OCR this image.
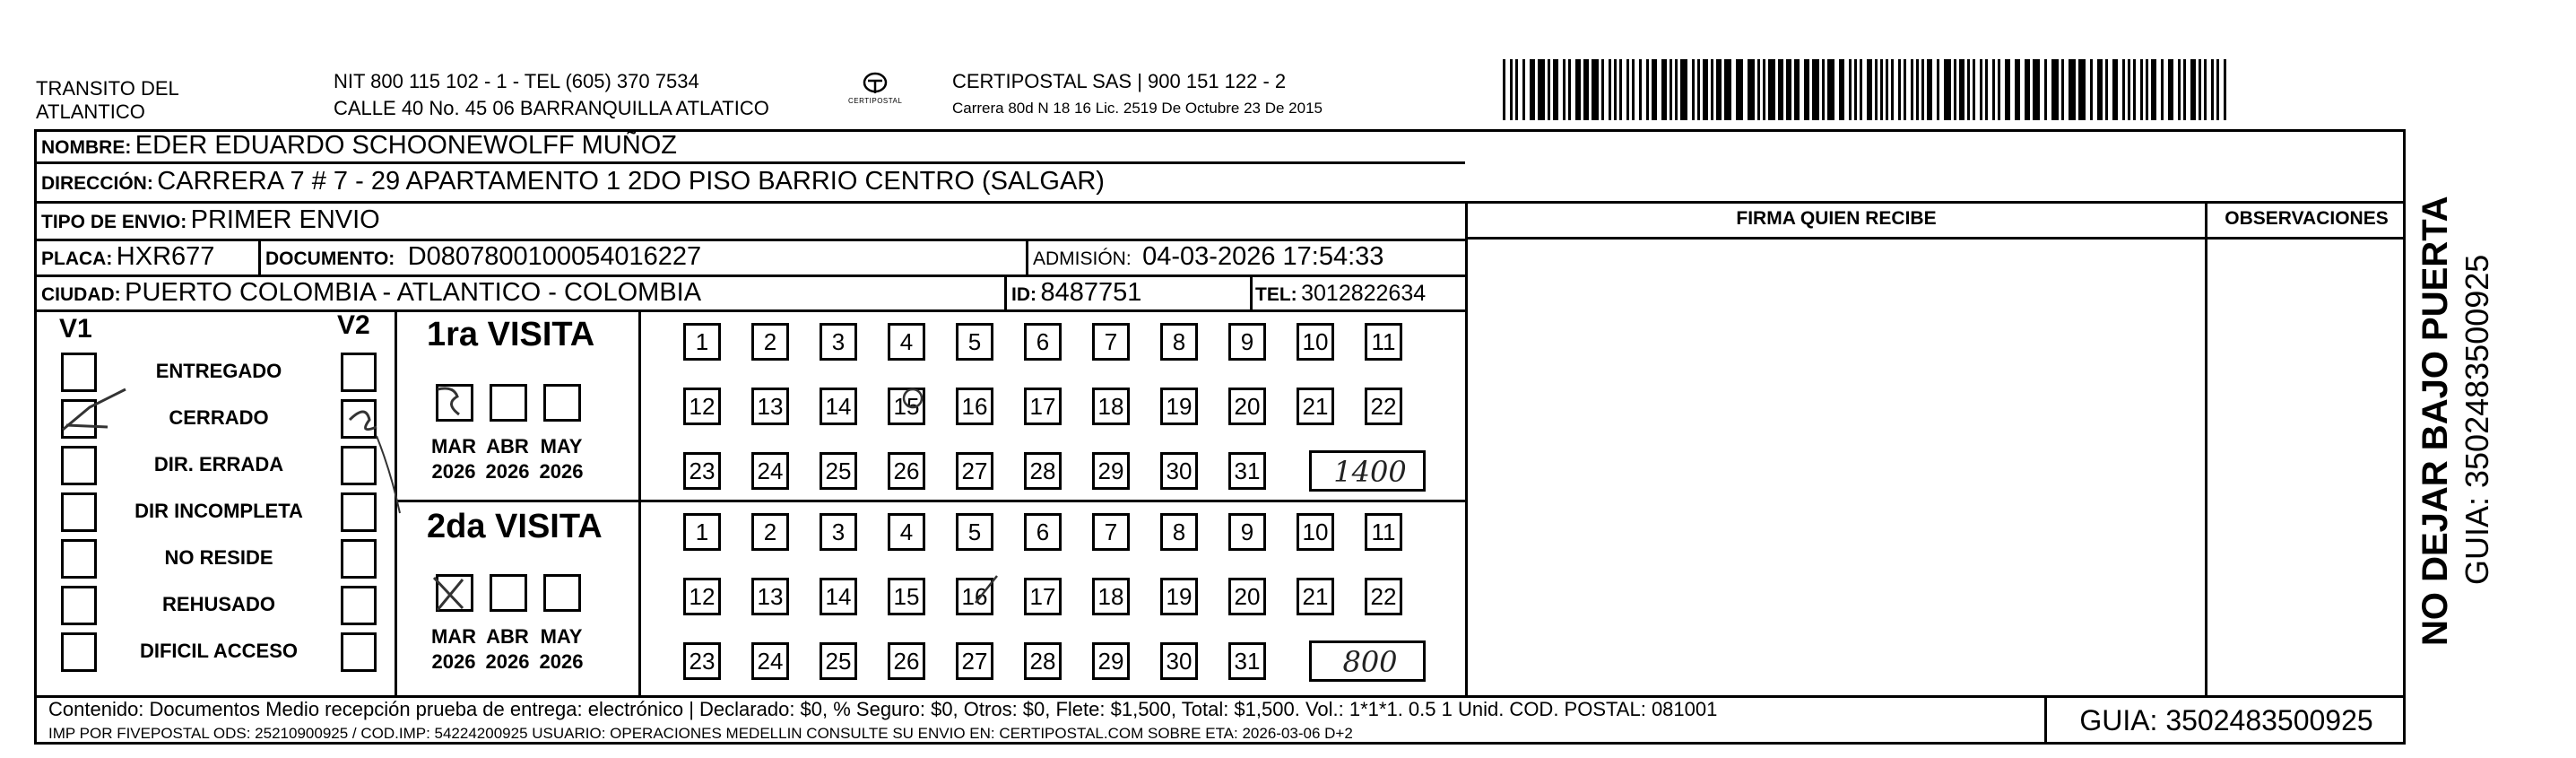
TRANSITO DEL
ATLANTICO
NIT 800 115 102 - 1 - TEL (605) 370 7534
CALLE 40 No. 45 06 BARRANQUILLA ATLATICO	CERTIPOSTAL
CERTIPOSTAL SAS | 900 151 122 - 2
Carrera 80d N 18 16 Lic. 2519 De Octubre 23 De 2015
NOMBRE: EDER EDUARDO SCHOONEWOLFF MUÑOZ
DIRECCIÓN: CARRERA 7 # 7 - 29 APARTAMENTO 1 2DO PISO BARRIO CENTRO (SALGAR)
TIPO DE ENVIO: PRIMER ENVIO	FIRMA QUIEN RECIBE	OBSERVACIONES
PLACA: HXR677	DOCUMENTO: D0807800100054016227	ADMISIÓN: 04-03-2026 17:54:33
CIUDAD: PUERTO COLOMBIA - ATLANTICO - COLOMBIA	ID: 8487751	TEL: 3012822634
V1	V2
ENTREGADO
CERRADO
DIR. ERRADA
DIR INCOMPLETA
NO RESIDE
REHUSADO
DIFICIL ACCESO
1ra VISITA
2da VISITA
MAR
2026
ABR
2026
MAY
2026
1	2	3	4	5	6	7	8	9	10 11
12 13 14 15 16 17 18 19 20 21 22
23 24 25 26 27 28 29 30 31	1400
MAR
2026
ABR
2026
MAY
2026
1	2	3	4	5	6	7	8	9	10 11
12 13 14 15 16 17 18 19 20 21 22
23 24 25 26 27 28 29 30 31	800
Contenido: Documentos Medio recepción prueba de entrega: electrónico | Declarado: $0, % Seguro: $0, Otros: $0, Flete: $1,500, Total: $1,500. Vol.: 1*1*1. 0.5 1 Unid. COD. POSTAL: 081001
IMP POR FIVEPOSTAL ODS: 25210900925 / COD.IMP: 54224200925 USUARIO: OPERACIONES MEDELLIN CONSULTE SU ENVIO EN: CERTIPOSTAL.COM SOBRE ETA: 2026-03-06 D+2	GUIA: 3502483500925
NO DEJAR BAJO PUERTA GUIA: 3502483500925
